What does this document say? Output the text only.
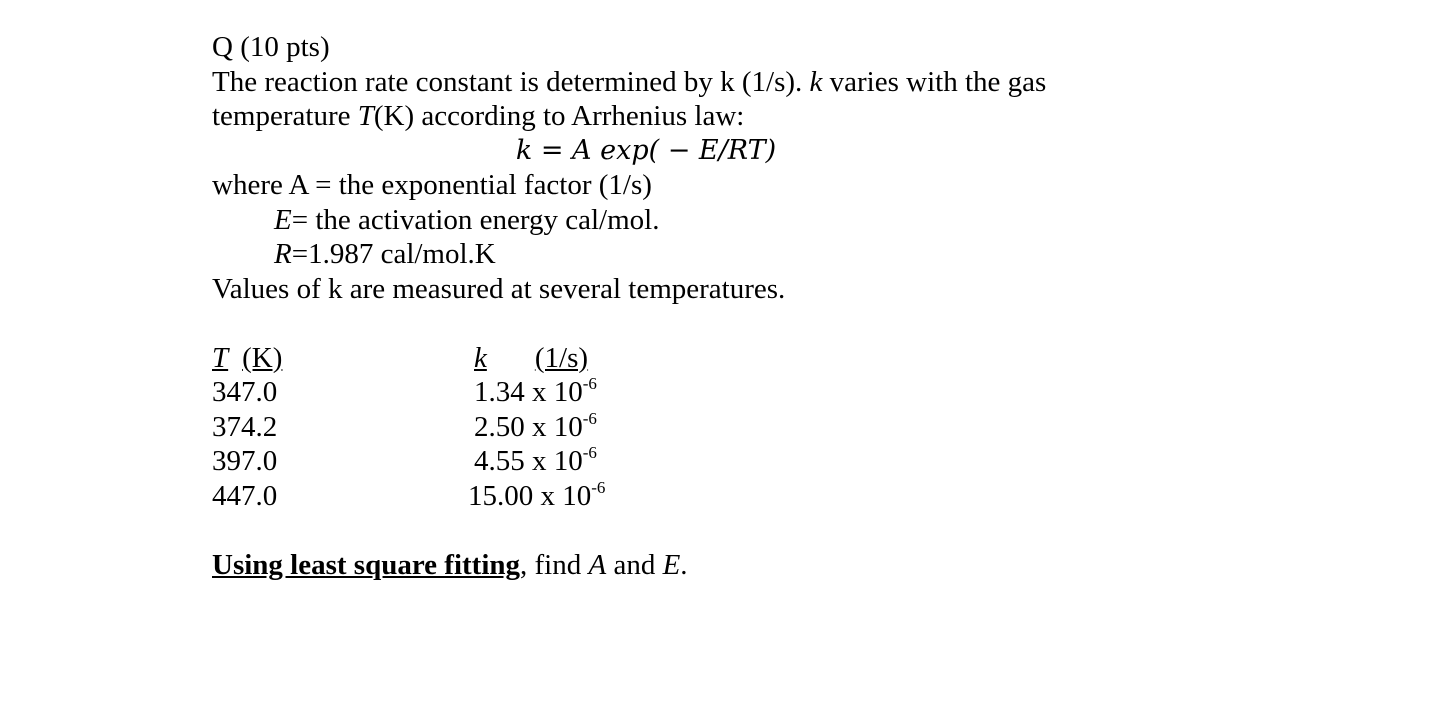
Q (10 pts)
The reaction rate constant is determined by k (1/s). k varies with the gas
temperature T(K) according to Arrhenius law:
k = A exp( − E/RT)
where A = the exponential factor (1/s)
E= the activation energy cal/mol.
R=1.987 cal/mol.K
Values of k are measured at several temperatures.
T (K)	k (1/s)
347.0	1.34 x $10^{-6}$
374.2	2.50 x $10^{-6}$
397.0	4.55 x $10^{-6}$
447.0	15.00 x $10^{-6}$
Using least square fitting, find A and E.
